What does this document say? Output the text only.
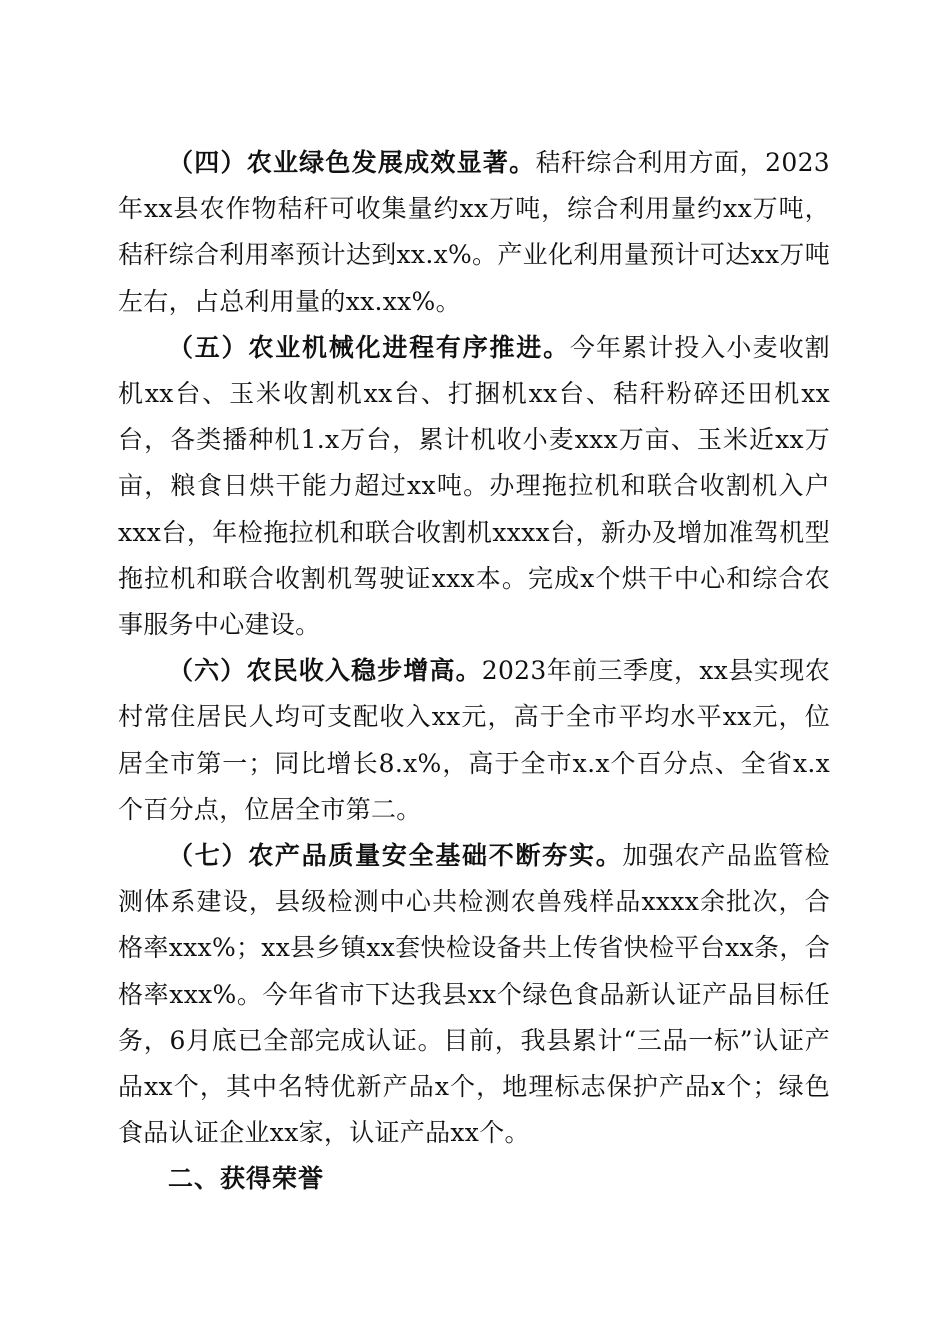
（四）农业绿色发展成效显著。秸秆综合利用方面，2023年xx县农作物秸秆可收集量约xx万吨，综合利用量约xx万吨，秸秆综合利用率预计达到xx.x%。产业化利用量预计可达xx万吨左右，占总利用量的xx.xx%。

（五）农业机械化进程有序推进。今年累计投入小麦收割机xx台、玉米收割机xx台、打捆机xx台、秸秆粉碎还田机xx台，各类播种机1.x万台，累计机收小麦xxx万亩、玉米近xx万亩，粮食日烘干能力超过xx吨。办理拖拉机和联合收割机入户xxx台，年检拖拉机和联合收割机xxxx台，新办及增加准驾机型拖拉机和联合收割机驾驶证xxx本。完成x个烘干中心和综合农事服务中心建设。

（六）农民收入稳步增高。2023年前三季度，xx县实现农村常住居民人均可支配收入xx元，高于全市平均水平xx元，位居全市第一；同比增长8.x%，高于全市x.x个百分点、全省x.x个百分点，位居全市第二。

（七）农产品质量安全基础不断夯实。加强农产品监管检测体系建设，县级检测中心共检测农兽残样品xxxx余批次，合格率xxx%；xx县乡镇xx套快检设备共上传省快检平台xx条，合格率xxx%。今年省市下达我县xx个绿色食品新认证产品目标任务，6月底已全部完成认证。目前，我县累计“三品一标”认证产品xx个，其中名特优新产品x个，地理标志保护产品x个；绿色食品认证企业xx家，认证产品xx个。

二、获得荣誉
